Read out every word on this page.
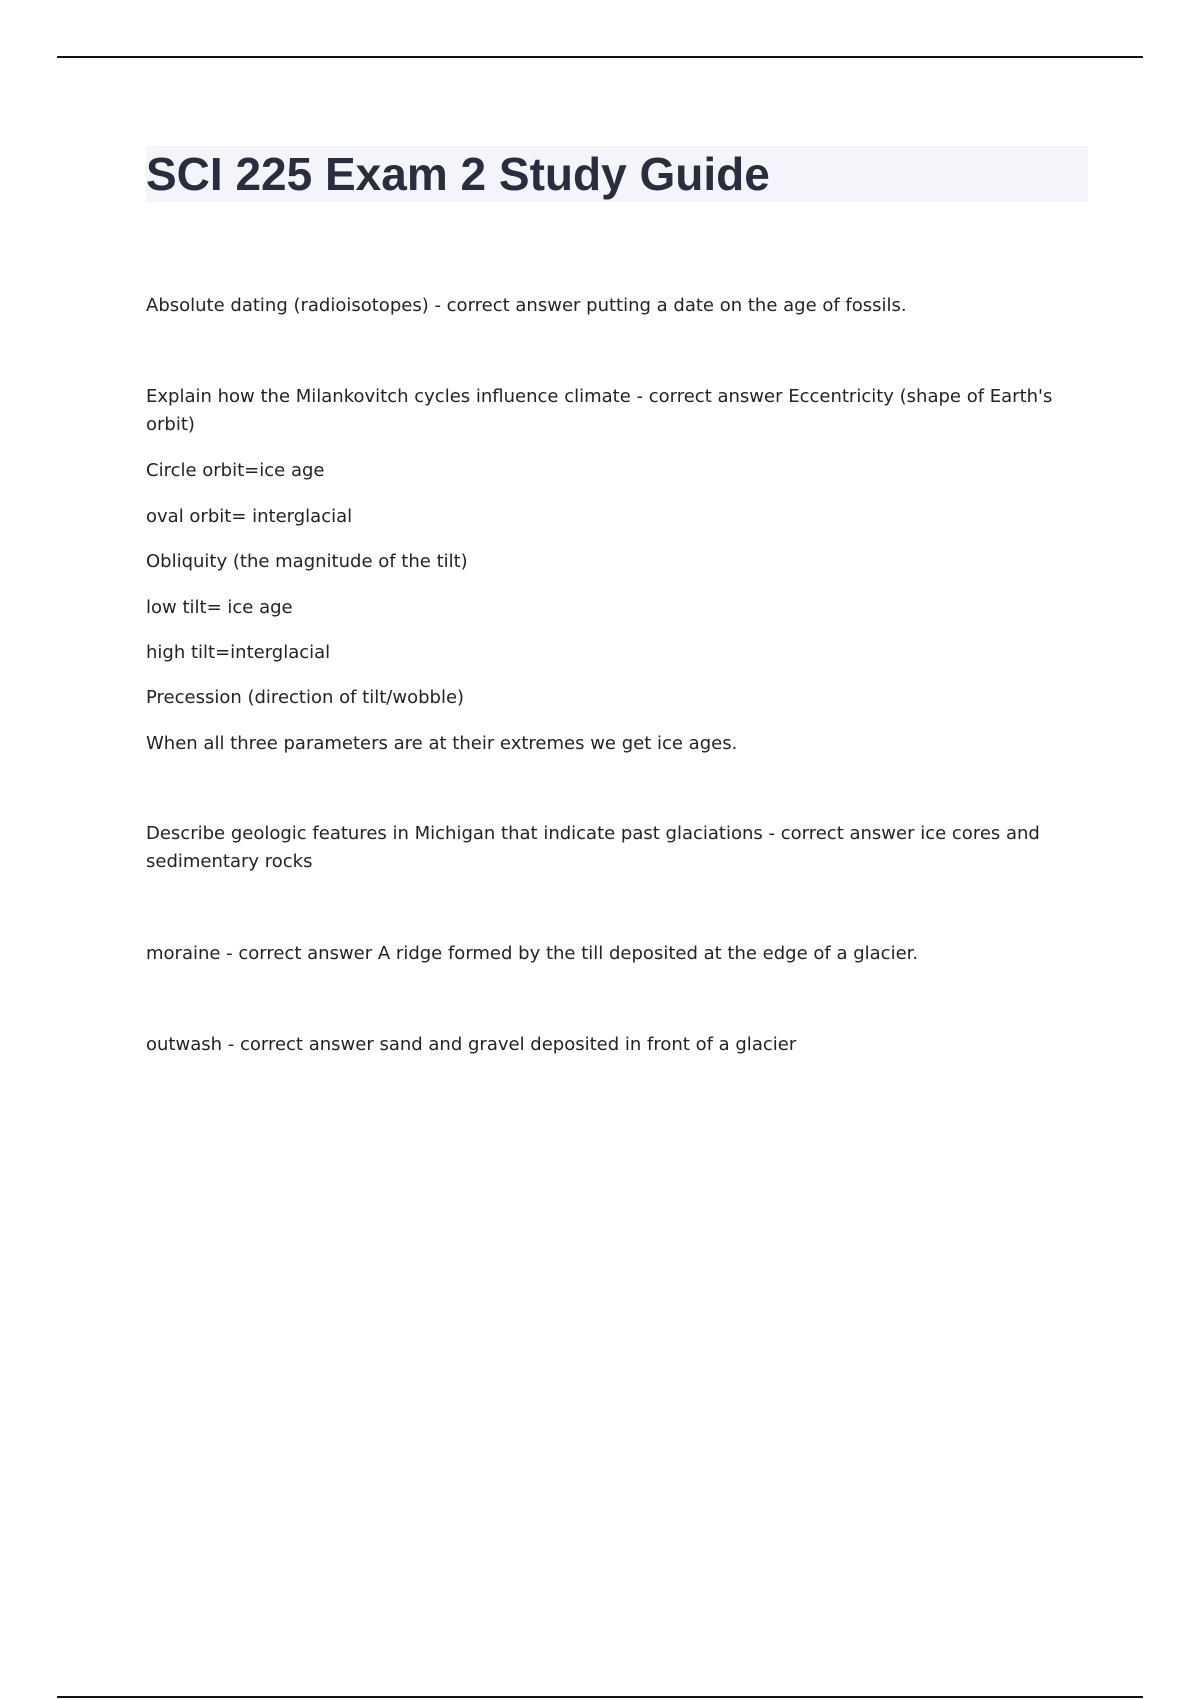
SCI 225 Exam 2 Study Guide

Absolute dating (radioisotopes) - correct answer putting a date on the age of fossils.

Explain how the Milankovitch cycles influence climate - correct answer Eccentricity (shape of Earth's orbit)

Circle orbit=ice age

oval orbit= interglacial

Obliquity (the magnitude of the tilt)

low tilt= ice age

high tilt=interglacial

Precession (direction of tilt/wobble)

When all three parameters are at their extremes we get ice ages.

Describe geologic features in Michigan that indicate past glaciations - correct answer ice cores and sedimentary rocks

moraine - correct answer A ridge formed by the till deposited at the edge of a glacier.

outwash - correct answer sand and gravel deposited in front of a glacier
